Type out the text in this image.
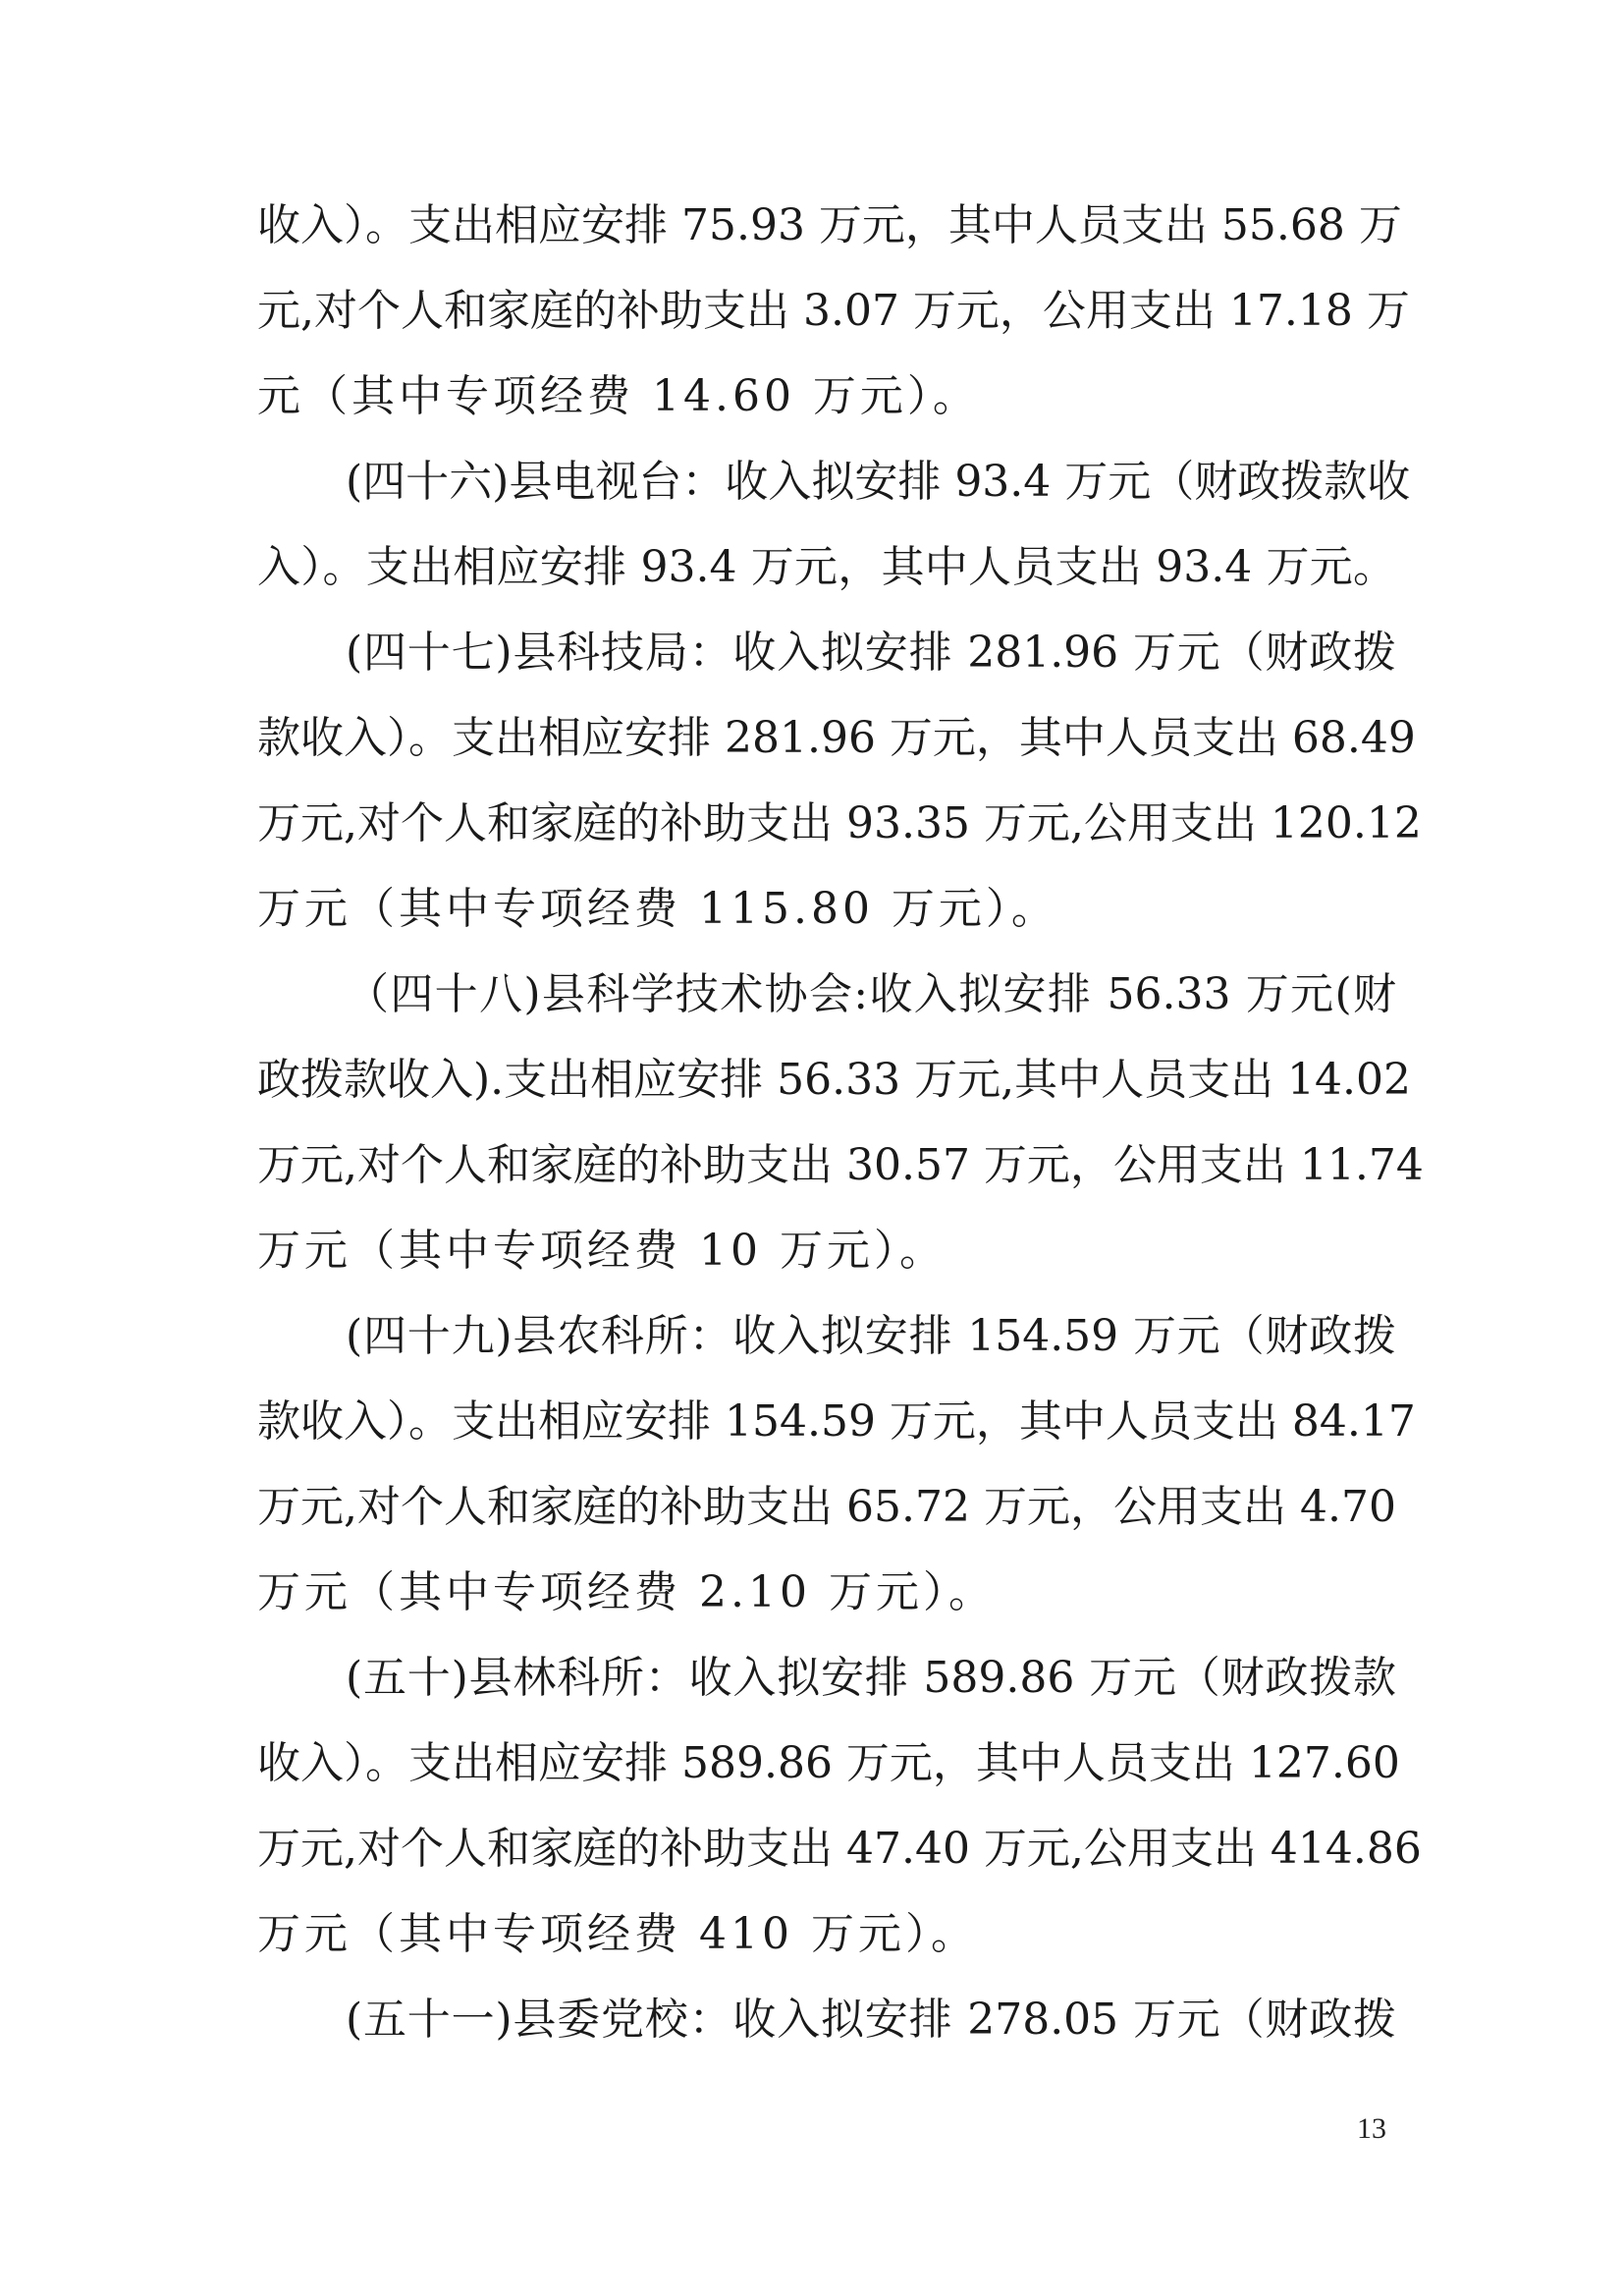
收入）。支出相应安排 75.93 万元，其中人员支出 55.68 万
元,对个人和家庭的补助支出 3.07 万元，公用支出 17.18 万
元（其中专项经费 14.60 万元）。
(四十六)县电视台：收入拟安排 93.4 万元（财政拨款收
入）。支出相应安排 93.4 万元，其中人员支出 93.4 万元。
(四十七)县科技局：收入拟安排 281.96 万元（财政拨
款收入）。支出相应安排 281.96 万元，其中人员支出 68.49
万元,对个人和家庭的补助支出 93.35 万元,公用支出 120.12
万元（其中专项经费 115.80 万元）。
（四十八)县科学技术协会:收入拟安排 56.33 万元(财
政拨款收入).支出相应安排 56.33 万元,其中人员支出 14.02
万元,对个人和家庭的补助支出 30.57 万元，公用支出 11.74
万元（其中专项经费 10 万元）。
(四十九)县农科所：收入拟安排 154.59 万元（财政拨
款收入）。支出相应安排 154.59 万元，其中人员支出 84.17
万元,对个人和家庭的补助支出 65.72 万元，公用支出 4.70
万元（其中专项经费 2.10 万元）。
(五十)县林科所：收入拟安排 589.86 万元（财政拨款
收入）。支出相应安排 589.86 万元，其中人员支出 127.60
万元,对个人和家庭的补助支出 47.40 万元,公用支出 414.86
万元（其中专项经费 410 万元）。
(五十一)县委党校：收入拟安排 278.05 万元（财政拨
13
